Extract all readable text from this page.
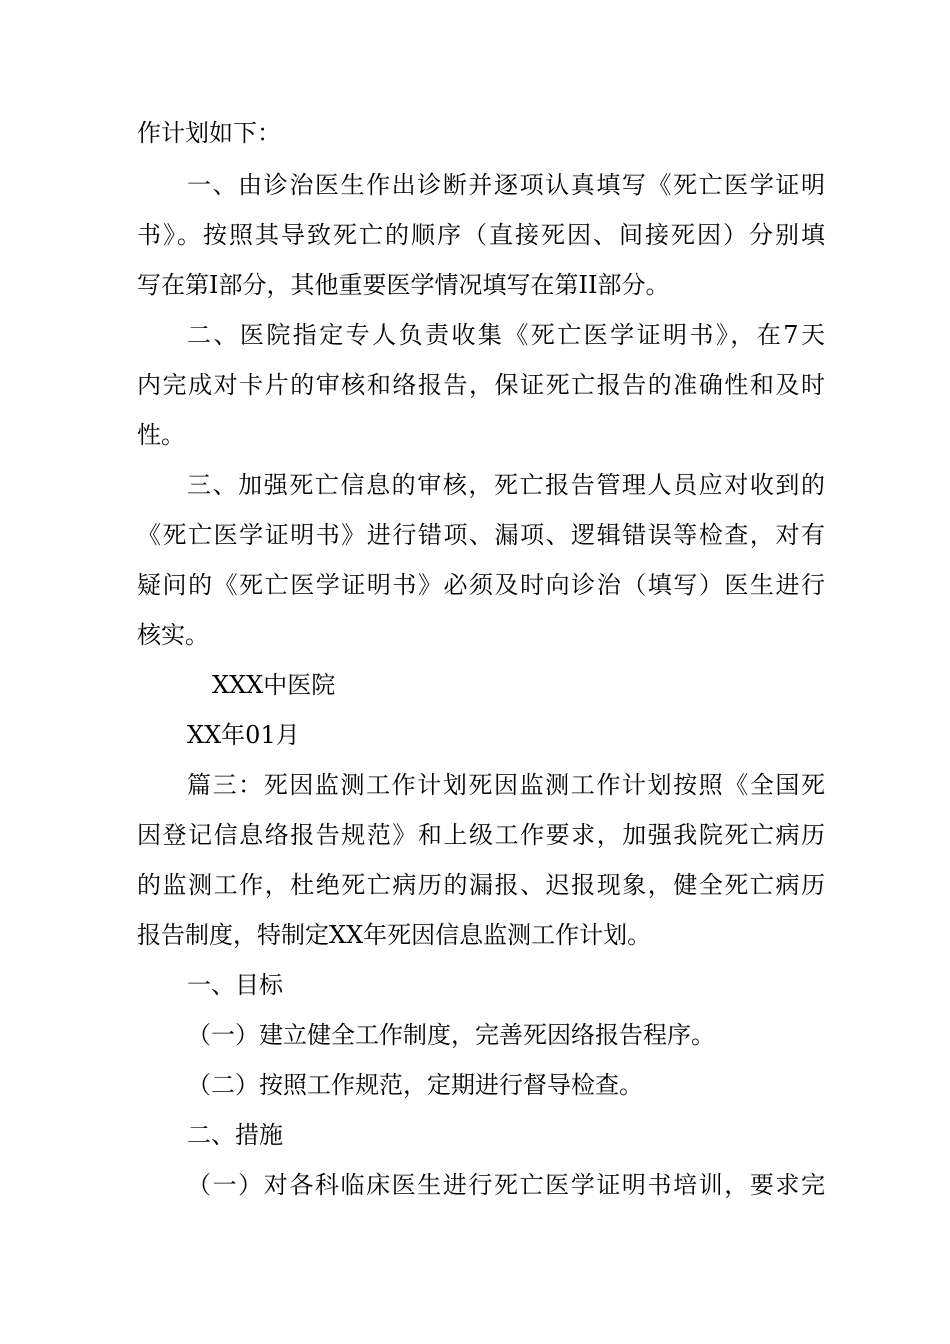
作计划如下：
一、由诊治医生作出诊断并逐项认真填写《死亡医学证明
书》。按照其导致死亡的顺序（直接死因、间接死因）分别填
写在第Ⅰ部分，其他重要医学情况填写在第ⅠⅠ部分。
二、医院指定专人负责收集《死亡医学证明书》，在7天
内完成对卡片的审核和络报告，保证死亡报告的准确性和及时
性。
三、加强死亡信息的审核，死亡报告管理人员应对收到的
《死亡医学证明书》进行错项、漏项、逻辑错误等检查，对有
疑问的《死亡医学证明书》必须及时向诊治（填写）医生进行
核实。
XXX中医院
XX年01月
篇三：死因监测工作计划死因监测工作计划按照《全国死
因登记信息络报告规范》和上级工作要求，加强我院死亡病历
的监测工作，杜绝死亡病历的漏报、迟报现象，健全死亡病历
报告制度，特制定XX年死因信息监测工作计划。
一、目标
（一）建立健全工作制度，完善死因络报告程序。
（二）按照工作规范，定期进行督导检查。
二、措施
（一）对各科临床医生进行死亡医学证明书培训，要求完
